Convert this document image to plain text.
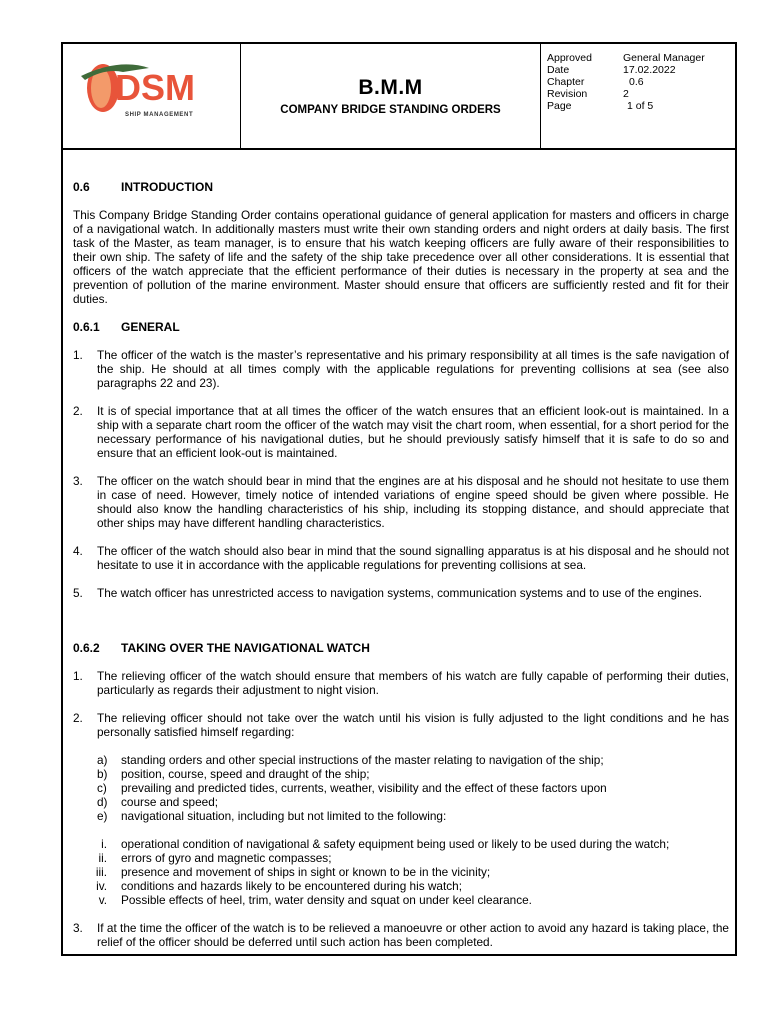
DSM
SHIP MANAGEMENT
B.M.M
COMPANY BRIDGE STANDING ORDERS
Approved	General Manager
Date	17.02.2022
Chapter	0.6
Revision	2
Page	1 of 5
0.6	INTRODUCTION
This Company Bridge Standing Order contains operational guidance of general application for masters and officers in charge of a navigational watch. In additionally masters must write their own standing orders and night orders at daily basis. The first task of the Master, as team manager, is to ensure that his watch keeping officers are fully aware of their responsibilities to their own ship. The safety of life and the safety of the ship take precedence over all other considerations. It is essential that officers of the watch appreciate that the efficient performance of their duties is necessary in the property at sea and the prevention of pollution of the marine environment. Master should ensure that officers are sufficiently rested and fit for their duties.
0.6.1 GENERAL
1. The officer of the watch is the master’s representative and his primary responsibility at all times is the safe navigation of the ship. He should at all times comply with the applicable regulations for preventing collisions at sea (see also paragraphs 22 and 23).
2. It is of special importance that at all times the officer of the watch ensures that an efficient look-out is maintained. In a ship with a separate chart room the officer of the watch may visit the chart room, when essential, for a short period for the necessary performance of his navigational duties, but he should previously satisfy himself that it is safe to do so and ensure that an efficient look-out is maintained.
3. The officer on the watch should bear in mind that the engines are at his disposal and he should not hesitate to use them in case of need. However, timely notice of intended variations of engine speed should be given where possible. He should also know the handling characteristics of his ship, including its stopping distance, and should appreciate that other ships may have different handling characteristics.
4. The officer of the watch should also bear in mind that the sound signalling apparatus is at his disposal and he should not hesitate to use it in accordance with the applicable regulations for preventing collisions at sea.
5. The watch officer has unrestricted access to navigation systems, communication systems and to use of the engines.
0.6.2 TAKING OVER THE NAVIGATIONAL WATCH
1. The relieving officer of the watch should ensure that members of his watch are fully capable of performing their duties, particularly as regards their adjustment to night vision.
2. The relieving officer should not take over the watch until his vision is fully adjusted to the light conditions and he has personally satisfied himself regarding:
a) standing orders and other special instructions of the master relating to navigation of the ship;
b) position, course, speed and draught of the ship;
c) prevailing and predicted tides, currents, weather, visibility and the effect of these factors upon
d) course and speed;
e) navigational situation, including but not limited to the following:
i. operational condition of navigational & safety equipment being used or likely to be used during the watch;
ii. errors of gyro and magnetic compasses;
iii. presence and movement of ships in sight or known to be in the vicinity;
iv. conditions and hazards likely to be encountered during his watch;
v. Possible effects of heel, trim, water density and squat on under keel clearance.
3. If at the time the officer of the watch is to be relieved a manoeuvre or other action to avoid any hazard is taking place, the relief of the officer should be deferred until such action has been completed.
